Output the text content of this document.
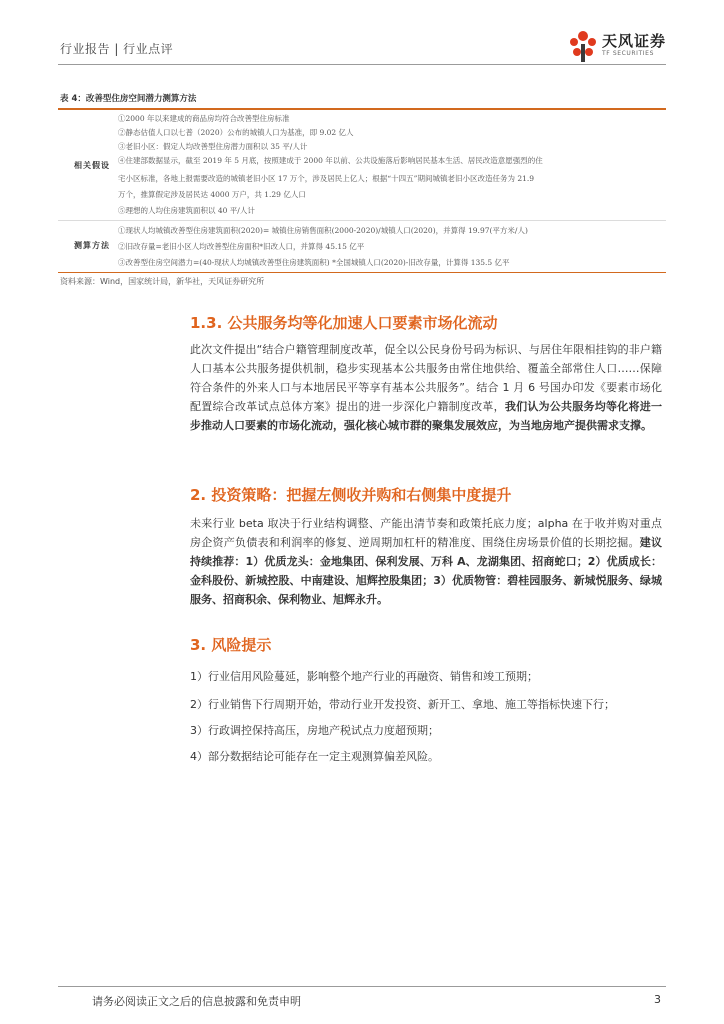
行业报告 | 行业点评	天风证券
TF SECURITIES
表 4：改善型住房空间潜力测算方法
相关假设
①2000 年以来建成的商品房均符合改善型住房标准
②静态估值人口以七普（2020）公布的城镇人口为基准，即 9.02 亿人
③老旧小区：假定人均改善型住房潜力面积以 35 平/人计
④住建部数据显示，截至 2019 年 5 月底，按照建成于 2000 年以前、公共设施落后影响居民基本生活、居民改造意愿强烈的住
宅小区标准，各地上报需要改造的城镇老旧小区 17 万个，涉及居民上亿人；根据“十四五”期间城镇老旧小区改造任务为 21.9
万个，推算假定涉及居民达 4000 万户，共 1.29 亿人口
⑤理想的人均住房建筑面积以 40 平/人计
测算方法
①现状人均城镇改善型住房建筑面积(2020)= 城镇住房销售面积(2000-2020)/城镇人口(2020)，并算得 19.97(平方米/人)
②旧改存量=老旧小区人均改善型住房面积*旧改人口，并算得 45.15 亿平
③改善型住房空间潜力=(40-现状人均城镇改善型住房建筑面积) *全国城镇人口(2020)-旧改存量，计算得 135.5 亿平
资料来源：Wind，国家统计局，新华社，天风证券研究所
1.3. 公共服务均等化加速人口要素市场化流动
此次文件提出“结合户籍管理制度改革，促全以公民身份号码为标识、与居住年限相挂钩的非户籍人口基本公共服务提供机制，稳步实现基本公共服务由常住地供给、覆盖全部常住人口……保障符合条件的外来人口与本地居民平等享有基本公共服务”。结合 1 月 6 号国办印发《要素市场化配置综合改革试点总体方案》提出的进一步深化户籍制度改革，我们认为公共服务均等化将进一步推动人口要素的市场化流动，强化核心城市群的聚集发展效应，为当地房地产提供需求支撑。
2. 投资策略：把握左侧收并购和右侧集中度提升
未来行业 beta 取决于行业结构调整、产能出清节奏和政策托底力度；alpha 在于收并购对重点房企资产负债表和利润率的修复、逆周期加杠杆的精准度、围绕住房场景价值的长期挖掘。建议持续推荐：1）优质龙头：金地集团、保利发展、万科 A、龙湖集团、招商蛇口；2）优质成长：金科股份、新城控股、中南建设、旭辉控股集团；3）优质物管：碧桂园服务、新城悦服务、绿城服务、招商积余、保利物业、旭辉永升。
3. 风险提示
1）行业信用风险蔓延，影响整个地产行业的再融资、销售和竣工预期；
2）行业销售下行周期开始，带动行业开发投资、新开工、拿地、施工等指标快速下行；
3）行政调控保持高压，房地产税试点力度超预期；
4）部分数据结论可能存在一定主观测算偏差风险。
请务必阅读正文之后的信息披露和免责申明	3
